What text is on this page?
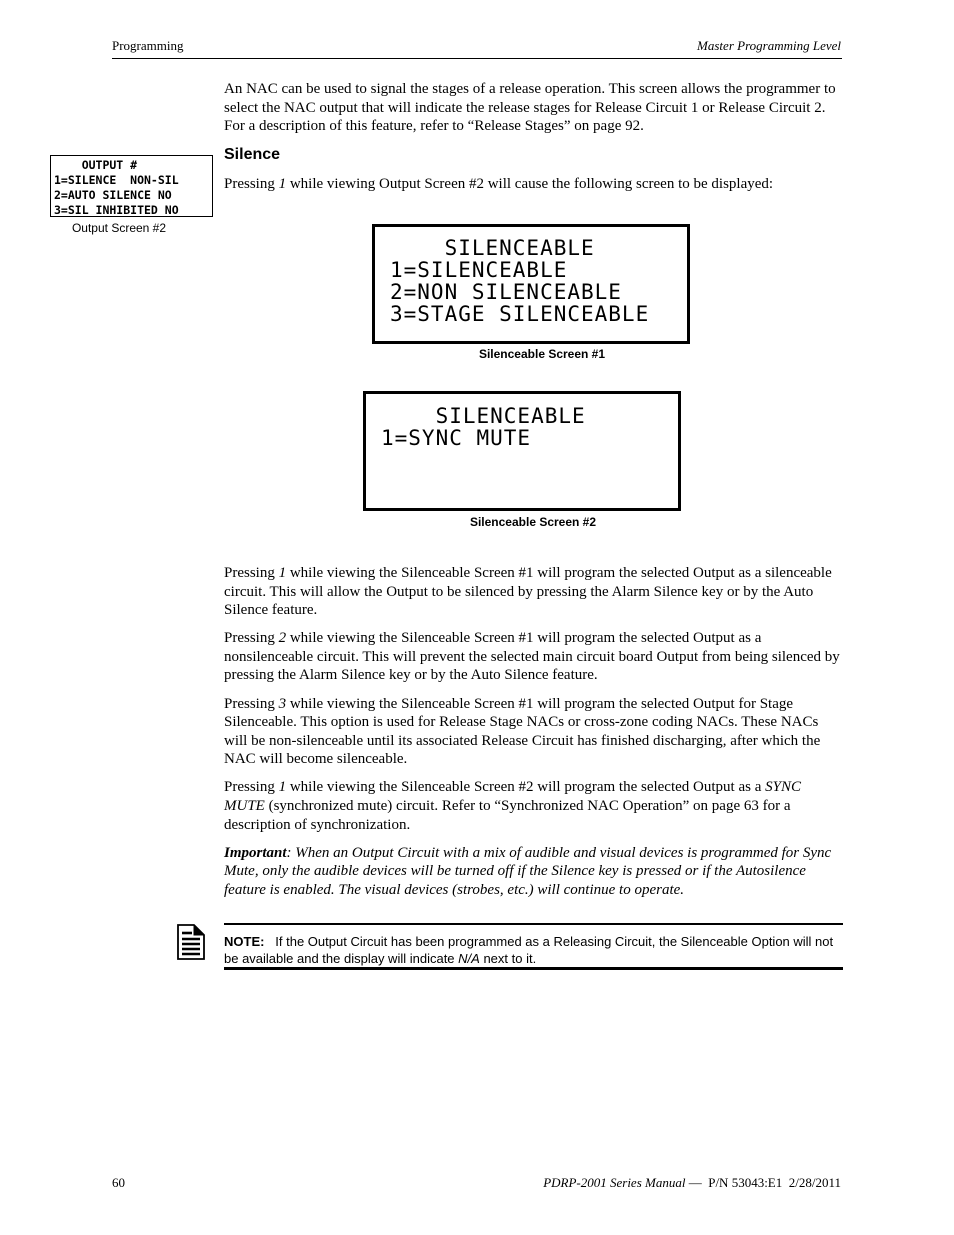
Programming	Master Programming Level

An NAC can be used to signal the stages of a release operation. This screen allows the programmer to select the NAC output that will indicate the release stages for Release Circuit 1 or Release Circuit 2. For a description of this feature, refer to “Release Stages” on page 92.

OUTPUT #
1=SILENCE  NON-SIL
2=AUTO SILENCE NO
3=SIL INHIBITED NO
Output Screen #2
Silence
Pressing 1 while viewing Output Screen #2 will cause the following screen to be displayed:
SILENCEABLE
1=SILENCEABLE
2=NON SILENCEABLE
3=STAGE SILENCEABLE
Silenceable Screen #1
SILENCEABLE
1=SYNC MUTE
Silenceable Screen #2

Pressing 1 while viewing the Silenceable Screen #1 will program the selected Output as a silenceable circuit. This will allow the Output to be silenced by pressing the Alarm Silence key or by the Auto Silence feature.

Pressing 2 while viewing the Silenceable Screen #1 will program the selected Output as a nonsilenceable circuit. This will prevent the selected main circuit board Output from being silenced by pressing the Alarm Silence key or by the Auto Silence feature.

Pressing 3 while viewing the Silenceable Screen #1 will program the selected Output for Stage Silenceable. This option is used for Release Stage NACs or cross-zone coding NACs. These NACs will be non-silenceable until its associated Release Circuit has finished discharging, after which the NAC will become silenceable.

Pressing 1 while viewing the Silenceable Screen #2 will program the selected Output as a SYNC MUTE (synchronized mute) circuit. Refer to “Synchronized NAC Operation” on page 63 for a description of synchronization.

Important: When an Output Circuit with a mix of audible and visual devices is programmed for Sync Mute, only the audible devices will be turned off if the Silence key is pressed or if the Autosilence feature is enabled. The visual devices (strobes, etc.) will continue to operate.

NOTE:   If the Output Circuit has been programmed as a Releasing Circuit, the Silenceable Option will not be available and the display will indicate N/A next to it.
60	PDRP-2001 Series Manual —  P/N 53043:E1  2/28/2011
